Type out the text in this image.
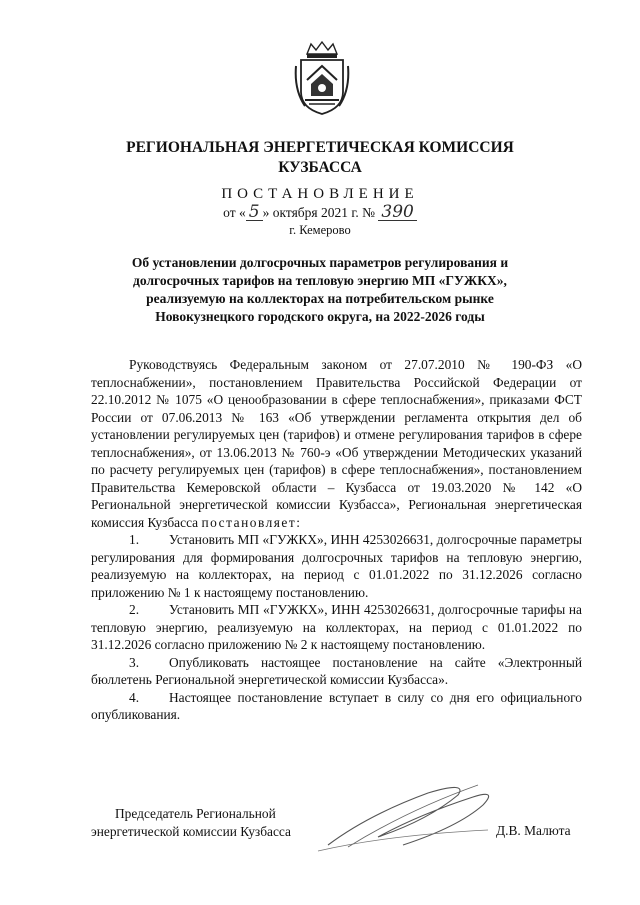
РЕГИОНАЛЬНАЯ ЭНЕРГЕТИЧЕСКАЯ КОМИССИЯ
КУЗБАССА
ПОСТАНОВЛЕНИЕ
от « 5 » октября 2021 г. № 390
г. Кемерово
Об установлении долгосрочных параметров регулирования и
долгосрочных тарифов на тепловую энергию МП «ГУЖКХ»,
реализуемую на коллекторах на потребительском рынке
Новокузнецкого городского округа, на 2022-2026 годы

Руководствуясь Федеральным законом от 27.07.2010 № 190-ФЗ «О теплоснабжении», постановлением Правительства Российской Федерации от 22.10.2012 № 1075 «О ценообразовании в сфере теплоснабжения», приказами ФСТ России от 07.06.2013 № 163 «Об утверждении регламента открытия дел об установлении регулируемых цен (тарифов) и отмене регулирования тарифов в сфере теплоснабжения», от 13.06.2013 № 760-э «Об утверждении Методических указаний по расчету регулируемых цен (тарифов) в сфере теплоснабжения», постановлением Правительства Кемеровской области – Кузбасса от 19.03.2020 № 142 «О Региональной энергетической комиссии Кузбасса», Региональная энергетическая комиссия Кузбасса постановляет:

1. Установить МП «ГУЖКХ», ИНН 4253026631, долгосрочные параметры регулирования для формирования долгосрочных тарифов на тепловую энергию, реализуемую на коллекторах, на период с 01.01.2022 по 31.12.2026 согласно приложению № 1 к настоящему постановлению.

2. Установить МП «ГУЖКХ», ИНН 4253026631, долгосрочные тарифы на тепловую энергию, реализуемую на коллекторах, на период с 01.01.2022 по 31.12.2026 согласно приложению № 2 к настоящему постановлению.

3. Опубликовать настоящее постановление на сайте «Электронный бюллетень Региональной энергетической комиссии Кузбасса».

4. Настоящее постановление вступает в силу со дня его официального опубликования.

Председатель Региональной
энергетической комиссии Кузбасса	Д.В. Малюта
